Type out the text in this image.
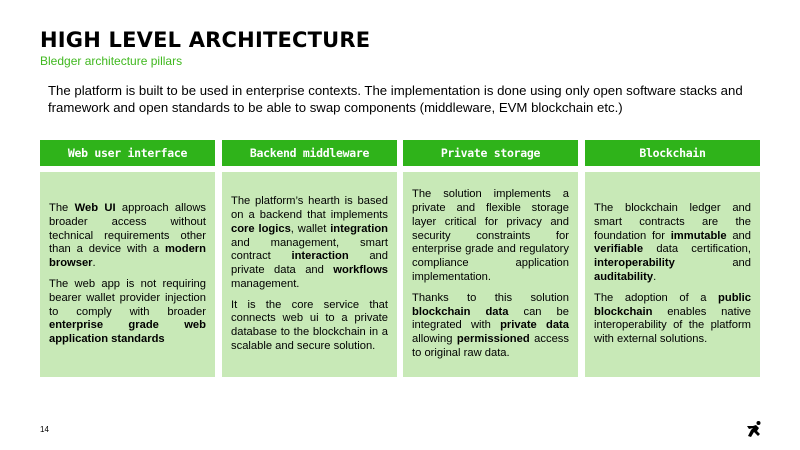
HIGH LEVEL ARCHITECTURE
Bledger architecture pillars
The platform is built to be used in enterprise contexts. The implementation is done using only open software stacks and framework and open standards to be able to swap components (middleware, EVM blockchain etc.)
Web user interface

The Web UI approach allows broader access without technical requirements other than a device with a modern browser.

The web app is not requiring bearer wallet provider injection to comply with broader enterprise grade web application standards

Backend middleware

The platform’s hearth is based on a backend that implements core logics, wallet integration and management, smart contract interaction and private data and workflows management.

It is the core service that connects web ui to a private database to the blockchain in a scalable and secure solution.

Private storage

The solution implements a private and flexible storage layer critical for privacy and security constraints for enterprise grade and regulatory compliance application implementation.

Thanks to this solution blockchain data can be integrated with private data allowing permissioned access to original raw data.

Blockchain

The blockchain ledger and smart contracts are the foundation for immutable and verifiable data certification, interoperability and auditability.

The adoption of a public blockchain enables native interoperability of the platform with external solutions.

14
